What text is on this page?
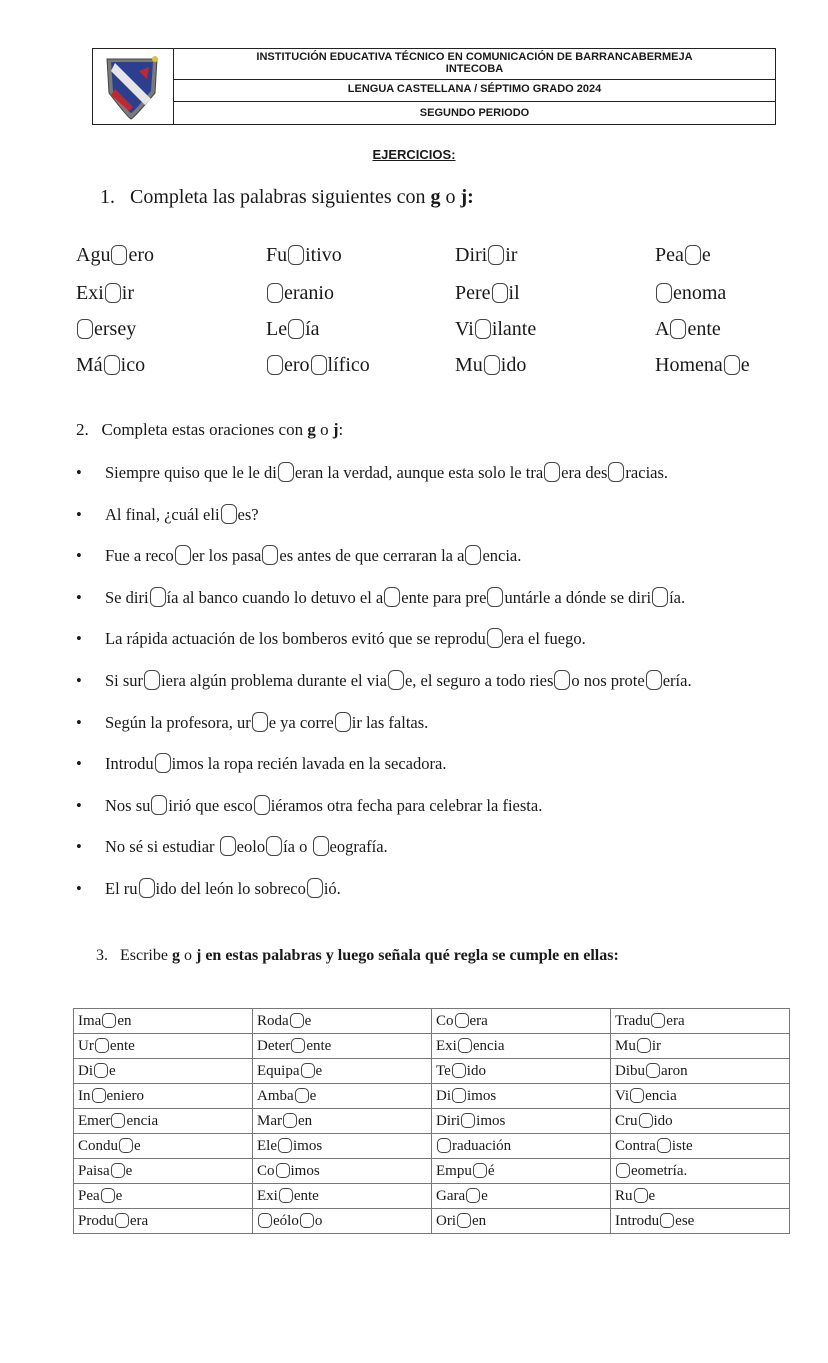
INSTITUCIÓN EDUCATIVA TÉCNICO EN COMUNICACIÓN DE BARRANCABERMEJA
INTECOBA
LENGUA CASTELLANA / SÉPTIMO GRADO 2024
SEGUNDO PERIODO
EJERCICIOS:
1. Completa las palabras siguientes con g o j:
Agu ero	Fu itivo	Diri ir	Pea e
Exi ir	eranio	Pere il	enoma
ersey	Le ía	Vi ilante	A ente
Má ico	ero lífico	Mu ido	Homena e
2. Completa estas oraciones con g o j:
• Siempre quiso que le le di eran la verdad, aunque esta solo le tra era des racias.
• Al final, ¿cuál eli es?
• Fue a reco er los pasa es antes de que cerraran la a encia.
• Se diri ía al banco cuando lo detuvo el a ente para pre untárle a dónde se diri ía.
• La rápida actuación de los bomberos evitó que se reprodu era el fuego.
• Si sur iera algún problema durante el via e, el seguro a todo ries o nos prote ería.
• Según la profesora, ur e ya corre ir las faltas.
• Introdu imos la ropa recién lavada en la secadora.
• Nos su irió que esco iéramos otra fecha para celebrar la fiesta.
• No sé si estudiar eolo ía o eografía.
• El ru ido del león lo sobreco ió.
3. Escribe g o j en estas palabras y luego señala qué regla se cumple en ellas:
Ima en	Roda e	Co era	Tradu era
Ur ente	Deter ente	Exi encia	Mu ir
Di e	Equipa e	Te ido	Dibu aron
In eniero	Amba e	Di imos	Vi encia
Emer encia	Mar en	Diri imos	Cru ido
Condu e	Ele imos	raduación	Contra iste
Paisa e	Co imos	Empu é	eometría.
Pea e	Exi ente	Gara e	Ru e
Produ era	eólo o	Ori en	Introdu ese
